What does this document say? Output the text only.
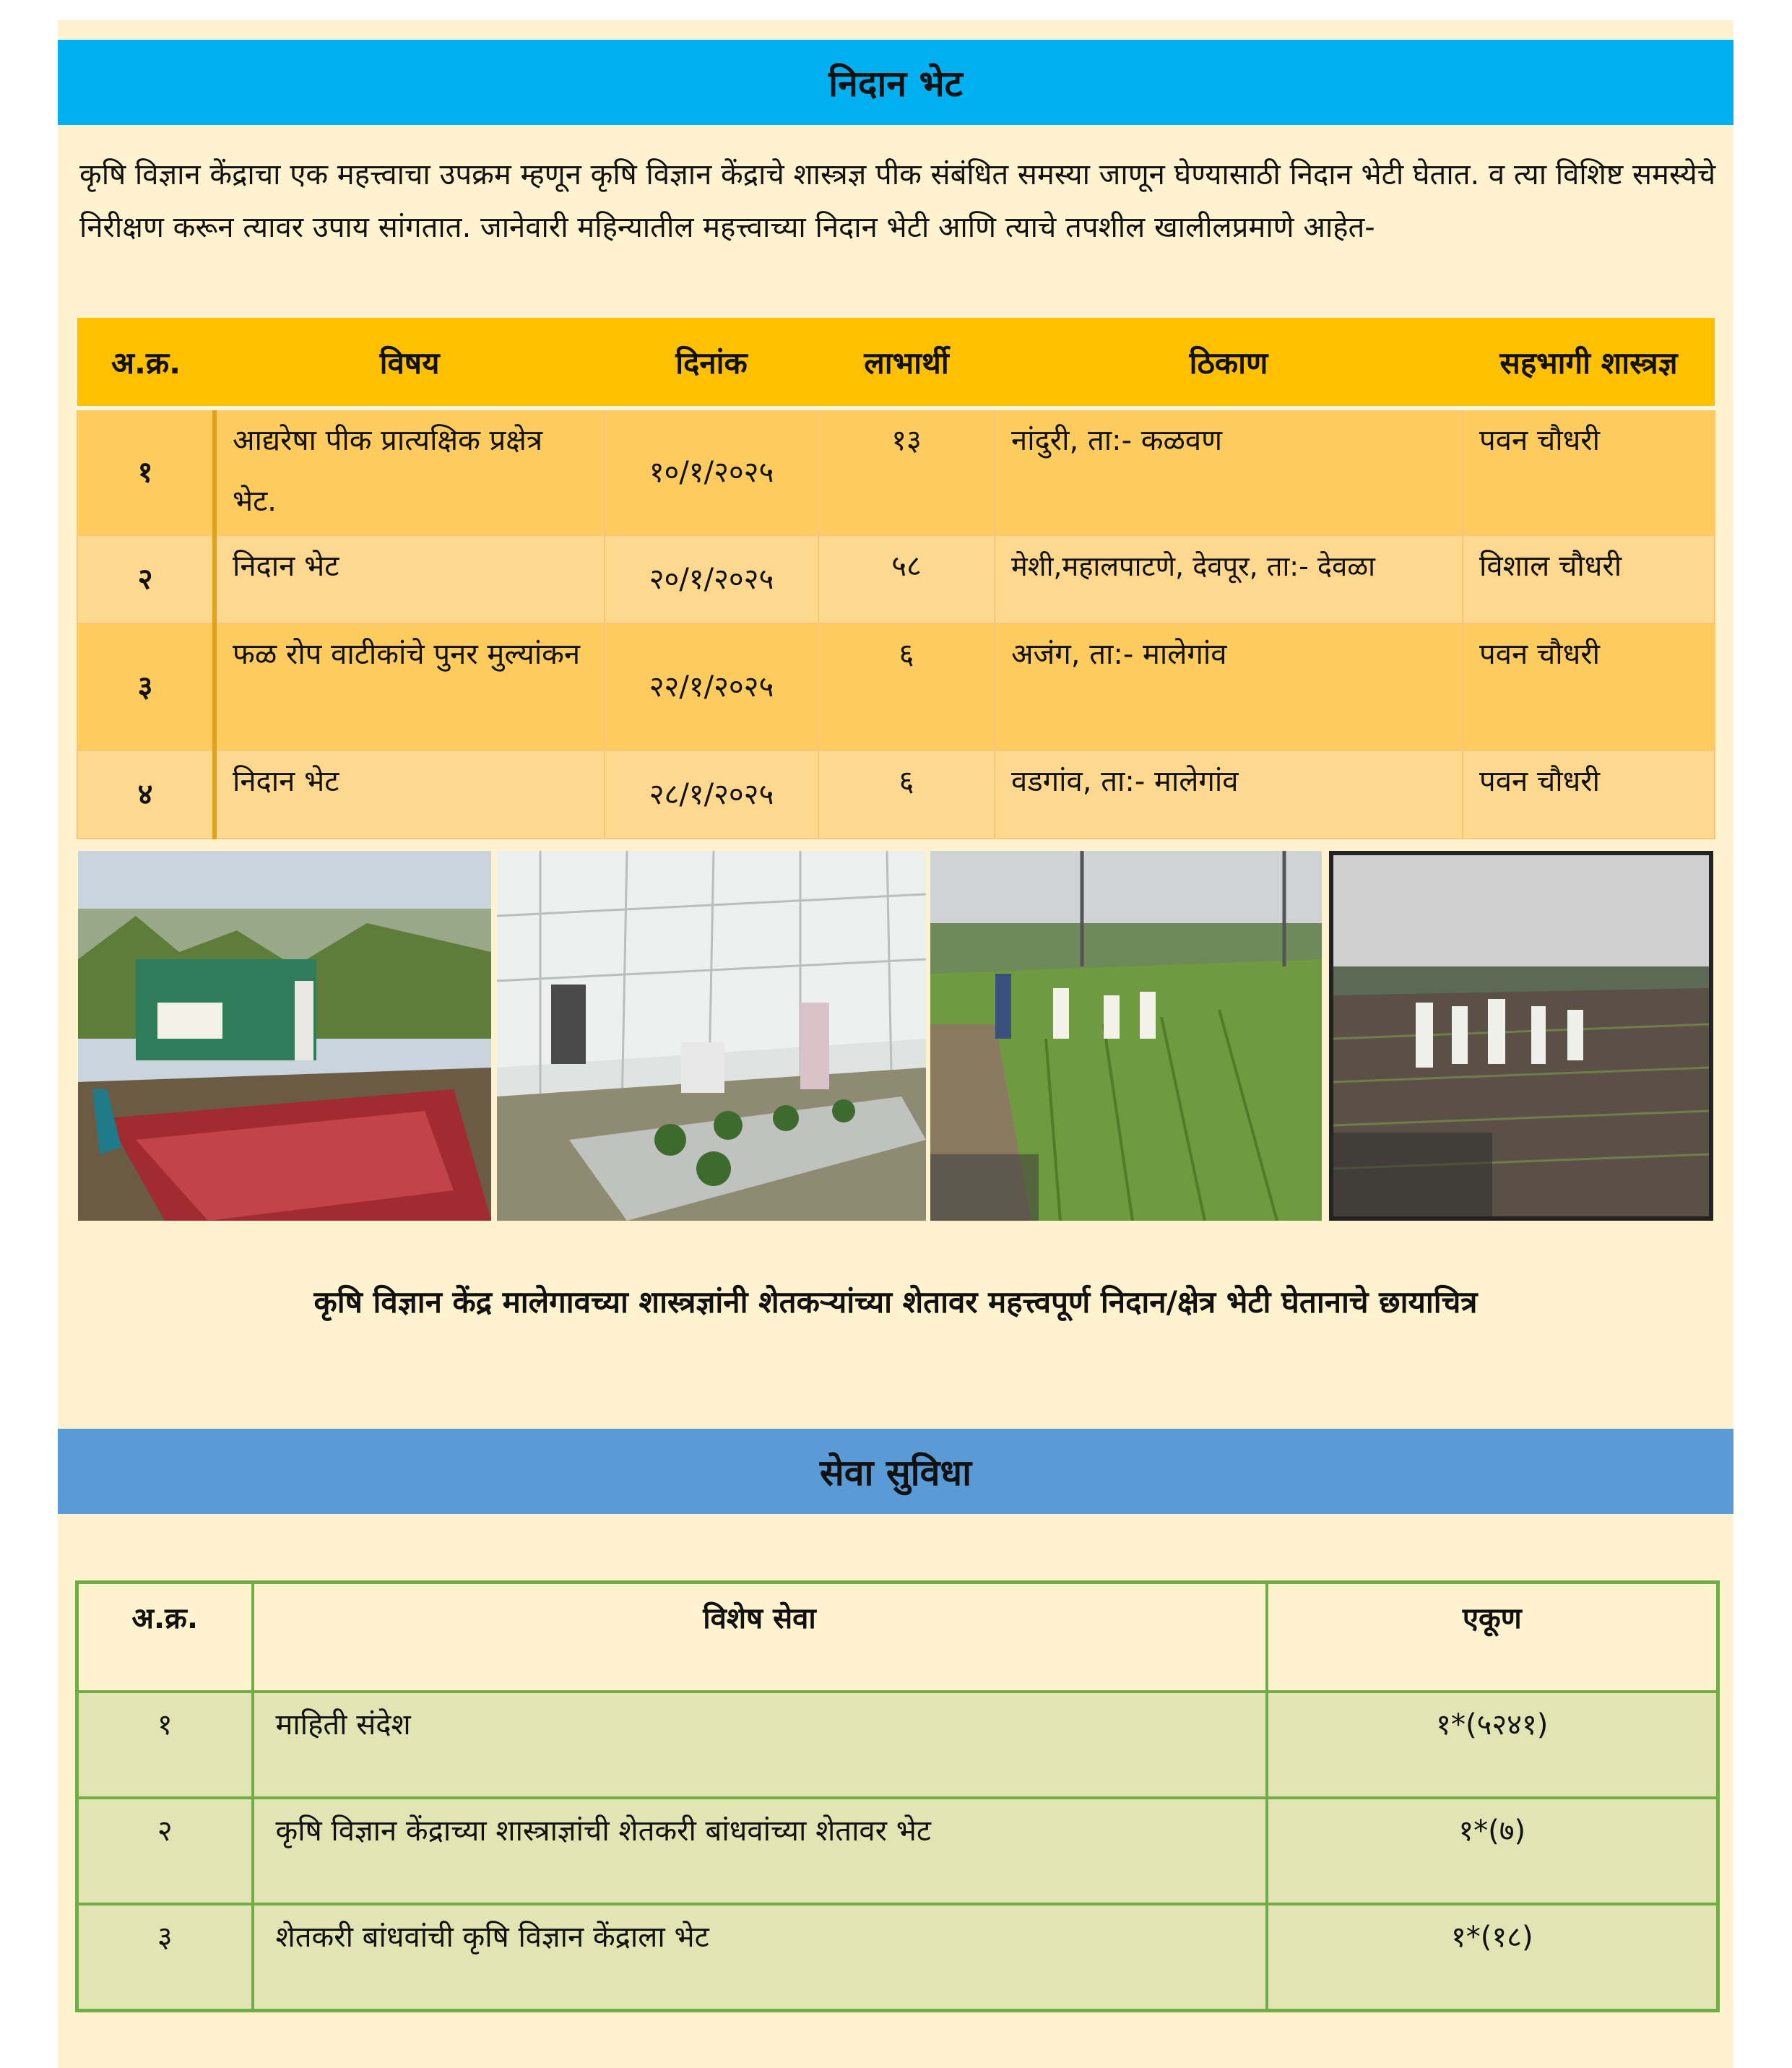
निदान भेट
कृषि विज्ञान केंद्राचा एक महत्त्वाचा उपक्रम म्हणून कृषि विज्ञान केंद्राचे शास्त्रज्ञ पीक संबंधित समस्या जाणून घेण्यासाठी निदान भेटी घेतात. व त्या विशिष्ट समस्येचे निरीक्षण करून त्यावर उपाय सांगतात. जानेवारी महिन्यातील महत्त्वाच्या निदान भेटी आणि त्याचे तपशील खालीलप्रमाणे आहेत-
अ.क्र.	विषय	दिनांक	लाभार्थी	ठिकाण	सहभागी शास्त्रज्ञ
१	आद्यरेषा पीक प्रात्यक्षिक प्रक्षेत्र भेट.	१०/१/२०२५	१३	नांदुरी, ता:- कळवण	पवन चौधरी
२	निदान भेट	२०/१/२०२५	५८	मेशी,महालपाटणे, देवपूर, ता:- देवळा	विशाल चौधरी
३	फळ रोप वाटीकांचे पुनर मुल्यांकन	२२/१/२०२५	६	अजंग, ता:- मालेगांव	पवन चौधरी
४	निदान भेट	२८/१/२०२५	६	वडगांव, ता:- मालेगांव	पवन चौधरी
कृषि विज्ञान केंद्र मालेगावच्या शास्त्रज्ञांनी शेतकऱ्यांच्या शेतावर महत्त्वपूर्ण निदान/क्षेत्र भेटी घेतानाचे छायाचित्र
सेवा सुविधा
अ.क्र.	विशेष सेवा	एकूण
१	माहिती संदेश	१*(५२४१)
२	कृषि विज्ञान केंद्राच्या शास्त्राज्ञांची शेतकरी बांधवांच्या शेतावर भेट	१*(७)
३	शेतकरी बांधवांची कृषि विज्ञान केंद्राला भेट	१*(१८)
